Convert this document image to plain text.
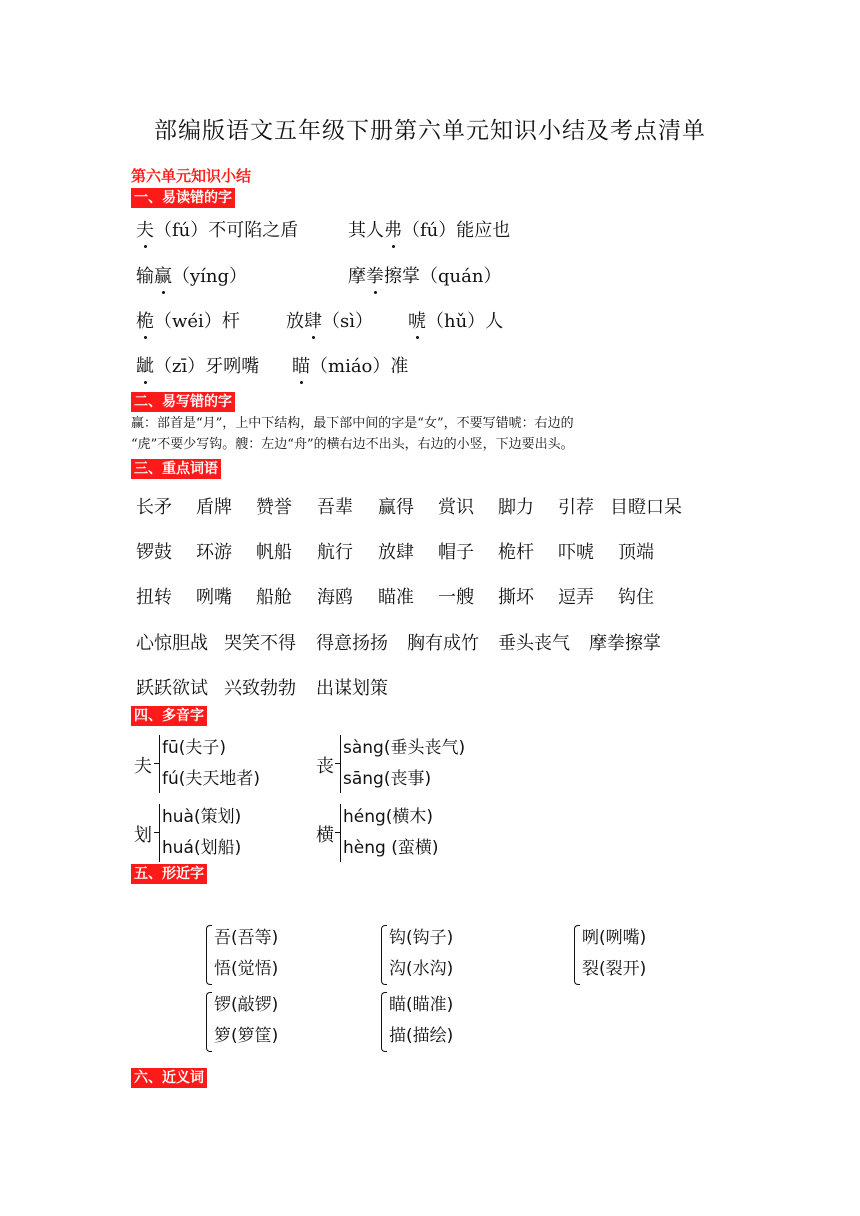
部编版语文五年级下册第六单元知识小结及考点清单
第六单元知识小结
一、易读错的字
夫（fú）不可陷之盾	其人弗（fú）能应也
输赢（yíng）	摩拳擦掌（quán）
桅（wéi）杆	放肆（sì） 唬（hǔ）人
龇（zī）牙咧嘴 瞄（miáo）准
二、易写错的字
赢：部首是“月”，上中下结构，最下部中间的字是“女”，不要写错唬：右边的
“虎”不要少写钩。艘：左边“舟”的横右边不出头，右边的小竖，下边要出头。
三、重点词语
长矛 盾牌 赞誉 吾辈 赢得 赏识 脚力 引荐 目瞪口呆
锣鼓 环游 帆船 航行 放肆 帽子 桅杆 吓唬 顶端
扭转 咧嘴 船舱 海鸥 瞄准 一艘 撕坏 逗弄 钩住
心惊胆战 哭笑不得 得意扬扬 胸有成竹 垂头丧气 摩拳擦掌
跃跃欲试 兴致勃勃 出谋划策
四、多音字
夫
fū(夫子)
fú(夫天地者)
丧
sàng(垂头丧气)
sāng(丧事)
划
huà(策划)
huá(划船)
横
héng(横木)
hèng (蛮横)
五、形近字
吾(吾等)
悟(觉悟)
钩(钩子)
沟(水沟)
咧(咧嘴)
裂(裂开)
锣(敲锣)
箩(箩筐)
瞄(瞄准)
描(描绘)
六、近义词
